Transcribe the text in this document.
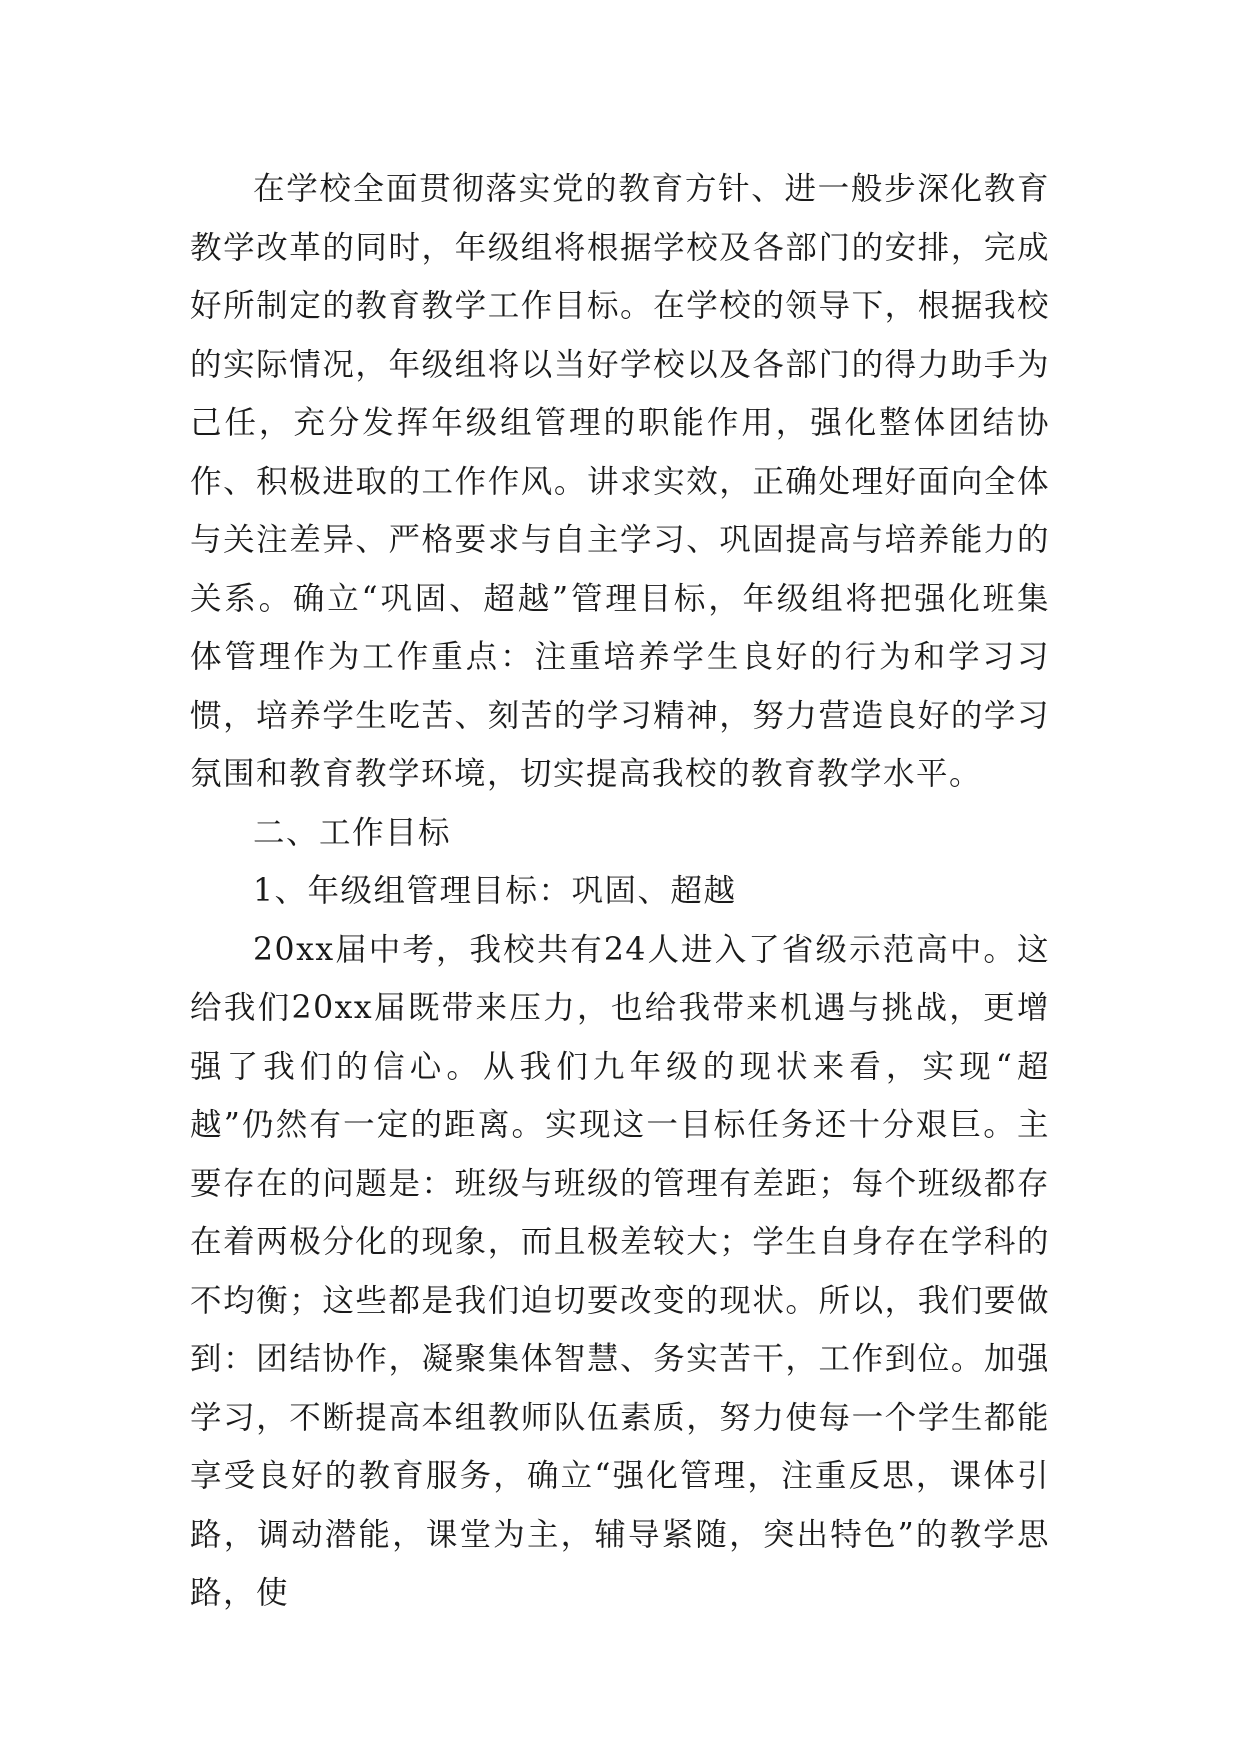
在学校全面贯彻落实党的教育方针、进一般步深化教育教学改革的同时，年级组将根据学校及各部门的安排，完成好所制定的教育教学工作目标。在学校的领导下，根据我校的实际情况，年级组将以当好学校以及各部门的得力助手为己任，充分发挥年级组管理的职能作用，强化整体团结协作、积极进取的工作作风。讲求实效，正确处理好面向全体与关注差异、严格要求与自主学习、巩固提高与培养能力的关系。确立“巩固、超越”管理目标，年级组将把强化班集体管理作为工作重点：注重培养学生良好的行为和学习习惯，培养学生吃苦、刻苦的学习精神，努力营造良好的学习氛围和教育教学环境，切实提高我校的教育教学水平。

二、工作目标

1、年级组管理目标：巩固、超越

20xx届中考，我校共有24人进入了省级示范高中。这给我们20xx届既带来压力，也给我带来机遇与挑战，更增强了我们的信心。从我们九年级的现状来看，实现“超越”仍然有一定的距离。实现这一目标任务还十分艰巨。主要存在的问题是：班级与班级的管理有差距；每个班级都存在着两极分化的现象，而且极差较大；学生自身存在学科的不均衡；这些都是我们迫切要改变的现状。所以，我们要做到：团结协作，凝聚集体智慧、务实苦干，工作到位。加强学习，不断提高本组教师队伍素质，努力使每一个学生都能享受良好的教育服务，确立“强化管理，注重反思，课体引路，调动潜能，课堂为主，辅导紧随，突出特色”的教学思路，使
